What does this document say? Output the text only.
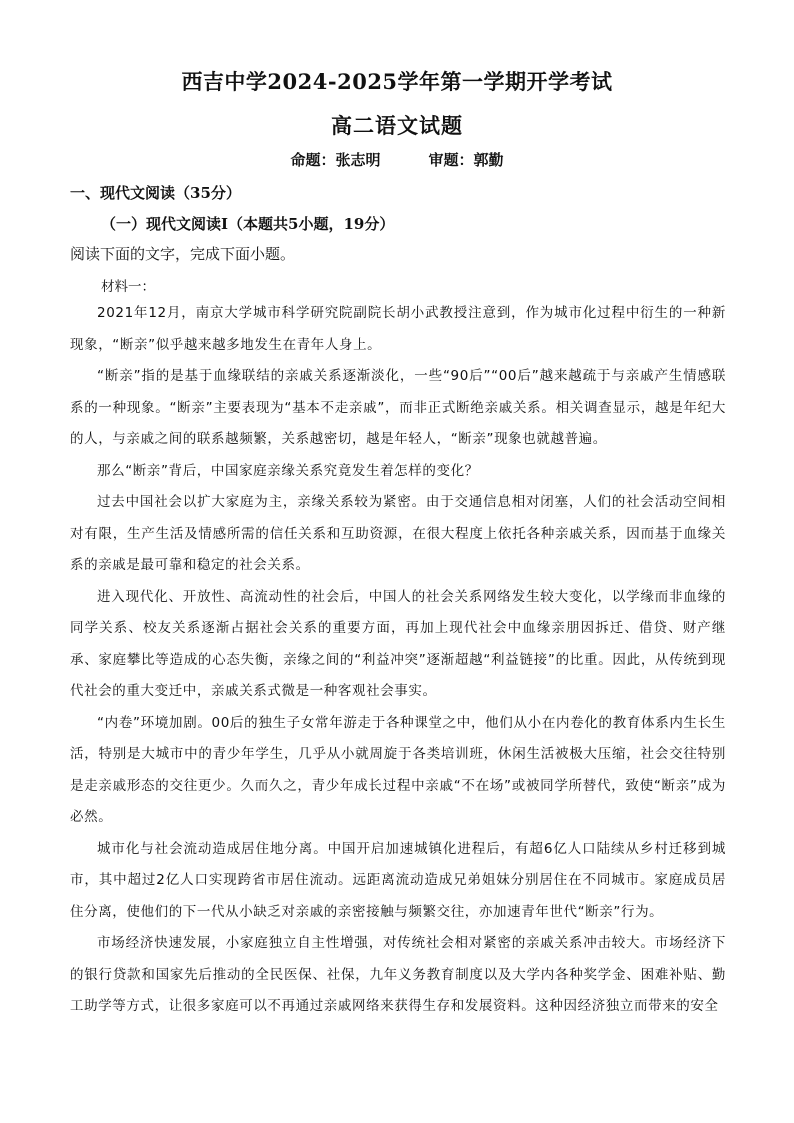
西吉中学2024-2025学年第一学期开学考试
高二语文试题
命题：张志明	审题：郭勤
一、现代文阅读（35分）
（一）现代文阅读Ⅰ（本题共5小题，19分）
阅读下面的文字，完成下面小题。
材料一：

2021年12月，南京大学城市科学研究院副院长胡小武教授注意到，作为城市化过程中衍生的一种新现象，“断亲”似乎越来越多地发生在青年人身上。

“断亲”指的是基于血缘联结的亲戚关系逐渐淡化，一些“90后”“00后”越来越疏于与亲戚产生情感联系的一种现象。“断亲”主要表现为“基本不走亲戚”，而非正式断绝亲戚关系。相关调查显示，越是年纪大的人，与亲戚之间的联系越频繁，关系越密切，越是年轻人，“断亲”现象也就越普遍。

那么“断亲”背后，中国家庭亲缘关系究竟发生着怎样的变化？

过去中国社会以扩大家庭为主，亲缘关系较为紧密。由于交通信息相对闭塞，人们的社会活动空间相对有限，生产生活及情感所需的信任关系和互助资源，在很大程度上依托各种亲戚关系，因而基于血缘关系的亲戚是最可靠和稳定的社会关系。

进入现代化、开放性、高流动性的社会后，中国人的社会关系网络发生较大变化，以学缘而非血缘的同学关系、校友关系逐渐占据社会关系的重要方面，再加上现代社会中血缘亲朋因拆迁、借贷、财产继承、家庭攀比等造成的心态失衡，亲缘之间的“利益冲突”逐渐超越“利益链接”的比重。因此，从传统到现代社会的重大变迁中，亲戚关系式微是一种客观社会事实。

“内卷”环境加剧。00后的独生子女常年游走于各种课堂之中，他们从小在内卷化的教育体系内生长生活，特别是大城市中的青少年学生，几乎从小就周旋于各类培训班，休闲生活被极大压缩，社会交往特别是走亲戚形态的交往更少。久而久之，青少年成长过程中亲戚“不在场”或被同学所替代，致使“断亲”成为必然。

城市化与社会流动造成居住地分离。中国开启加速城镇化进程后，有超6亿人口陆续从乡村迁移到城市，其中超过2亿人口实现跨省市居住流动。远距离流动造成兄弟姐妹分别居住在不同城市。家庭成员居住分离，使他们的下一代从小缺乏对亲戚的亲密接触与频繁交往，亦加速青年世代“断亲”行为。

市场经济快速发展，小家庭独立自主性增强，对传统社会相对紧密的亲戚关系冲击较大。市场经济下的银行贷款和国家先后推动的全民医保、社保，九年义务教育制度以及大学内各种奖学金、困难补贴、勤工助学等方式，让很多家庭可以不再通过亲戚网络来获得生存和发展资料。这种因经济独立而带来的安全
